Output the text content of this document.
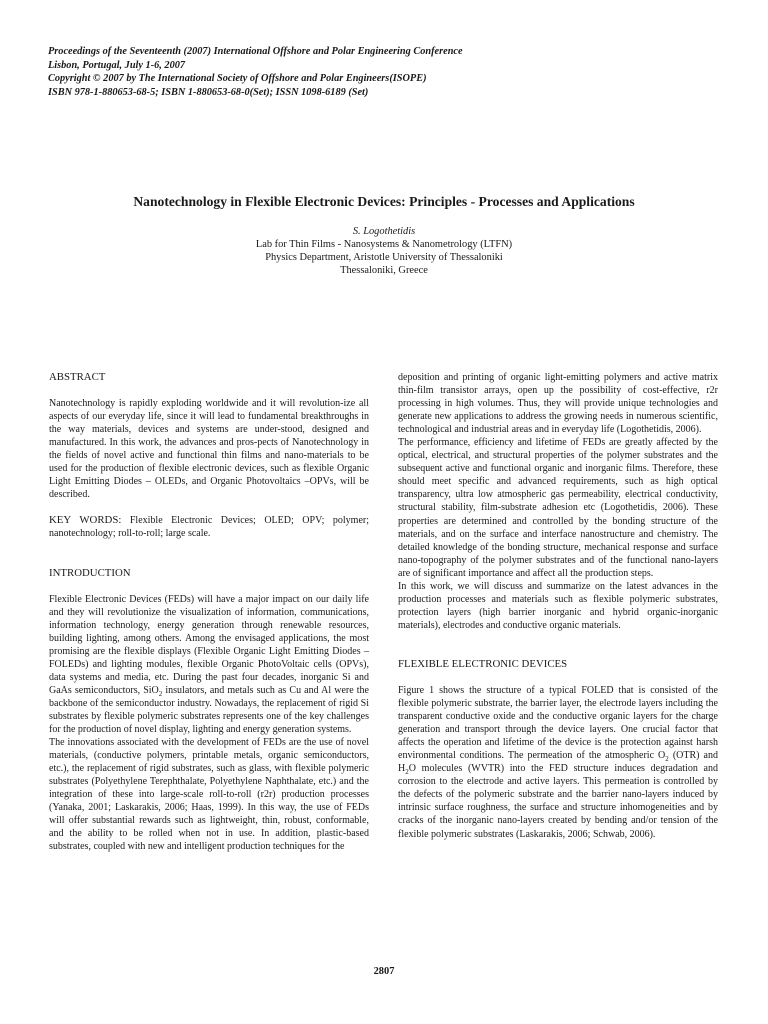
Proceedings of the Seventeenth (2007) International Offshore and Polar Engineering Conference
Lisbon, Portugal, July 1-6, 2007
Copyright © 2007 by The International Society of Offshore and Polar Engineers(ISOPE)
ISBN 978-1-880653-68-5; ISBN 1-880653-68-0(Set); ISSN 1098-6189 (Set)
Nanotechnology in Flexible Electronic Devices: Principles - Processes and Applications
S. Logothetidis
Lab for Thin Films - Nanosystems & Nanometrology (LTFN)
Physics Department, Aristotle University of Thessaloniki
Thessaloniki, Greece
ABSTRACT
Nanotechnology is rapidly exploding worldwide and it will revolution-ize all aspects of our everyday life, since it will lead to fundamental breakthroughs in the way materials, devices and systems are under-stood, designed and manufactured. In this work, the advances and pros-pects of Nanotechnology in the fields of novel active and functional thin films and nano-materials to be used for the production of flexible electronic devices, such as flexible Organic Light Emitting Diodes – OLEDs, and Organic Photovoltaics –OPVs, will be described.
KEY WORDS: Flexible Electronic Devices; OLED; OPV; polymer; nanotechnology; roll-to-roll; large scale.
INTRODUCTION
Flexible Electronic Devices (FEDs) will have a major impact on our daily life and they will revolutionize the visualization of information, communications, information technology, energy generation through renewable resources, building lighting, among others. Among the envisaged applications, the most promising are the flexible displays (Flexible Organic Light Emitting Diodes – FOLEDs) and lighting modules, flexible Organic PhotoVoltaic cells (OPVs), data systems and media, etc. During the past four decades, inorganic Si and GaAs semiconductors, SiO$_2$ insulators, and metals such as Cu and Al were the backbone of the semiconductor industry. Nowadays, the replacement of rigid Si substrates by flexible polymeric substrates represents one of the key challenges for the production of novel display, lighting and energy generation systems.
The innovations associated with the development of FEDs are the use of novel materials, (conductive polymers, printable metals, organic semiconductors, etc.), the replacement of rigid substrates, such as glass, with flexible polymeric substrates (Polyethylene Terephthalate, Polyethylene Naphthalate, etc.) and the integration of these into large-scale roll-to-roll (r2r) production processes (Yanaka, 2001; Laskarakis, 2006; Haas, 1999). In this way, the use of FEDs will offer substantial rewards such as lightweight, thin, robust, conformable, and the ability to be rolled when not in use. In addition, plastic-based substrates, coupled with new and intelligent production techniques for the
deposition and printing of organic light-emitting polymers and active matrix thin-film transistor arrays, open up the possibility of cost-effective, r2r processing in high volumes. Thus, they will provide unique technologies and generate new applications to address the growing needs in numerous scientific, technological and industrial areas and in everyday life (Logothetidis, 2006).
The performance, efficiency and lifetime of FEDs are greatly affected by the optical, electrical, and structural properties of the polymer substrates and the subsequent active and functional organic and inorganic films. Therefore, these should meet specific and advanced requirements, such as high optical transparency, ultra low atmospheric gas permeability, electrical conductivity, structural stability, film-substrate adhesion etc (Logothetidis, 2006). These properties are determined and controlled by the bonding structure of the materials, and on the surface and interface nanostructure and chemistry. The detailed knowledge of the bonding structure, mechanical response and surface nano-topography of the polymer substrates and of the functional nano-layers are of significant importance and affect all the production steps.
In this work, we will discuss and summarize on the latest advances in the production processes and materials such as flexible polymeric substrates, protection layers (high barrier inorganic and hybrid organic-inorganic materials), electrodes and conductive organic materials.
FLEXIBLE ELECTRONIC DEVICES
Figure 1 shows the structure of a typical FOLED that is consisted of the flexible polymeric substrate, the barrier layer, the electrode layers including the transparent conductive oxide and the conductive organic layers for the charge generation and transport through the device layers. One crucial factor that affects the operation and lifetime of the device is the protection against harsh environmental conditions. The permeation of the atmospheric $O_2$ (OTR) and $H_2O$ molecules (WVTR) into the FED structure induces degradation and corrosion to the electrode and active layers. This permeation is controlled by the defects of the polymeric substrate and the barrier nano-layers induced by intrinsic surface roughness, the surface and structure inhomogeneities and by cracks of the inorganic nano-layers created by bending and/or tension of the flexible polymeric substrates (Laskarakis, 2006; Schwab, 2006).
2807
